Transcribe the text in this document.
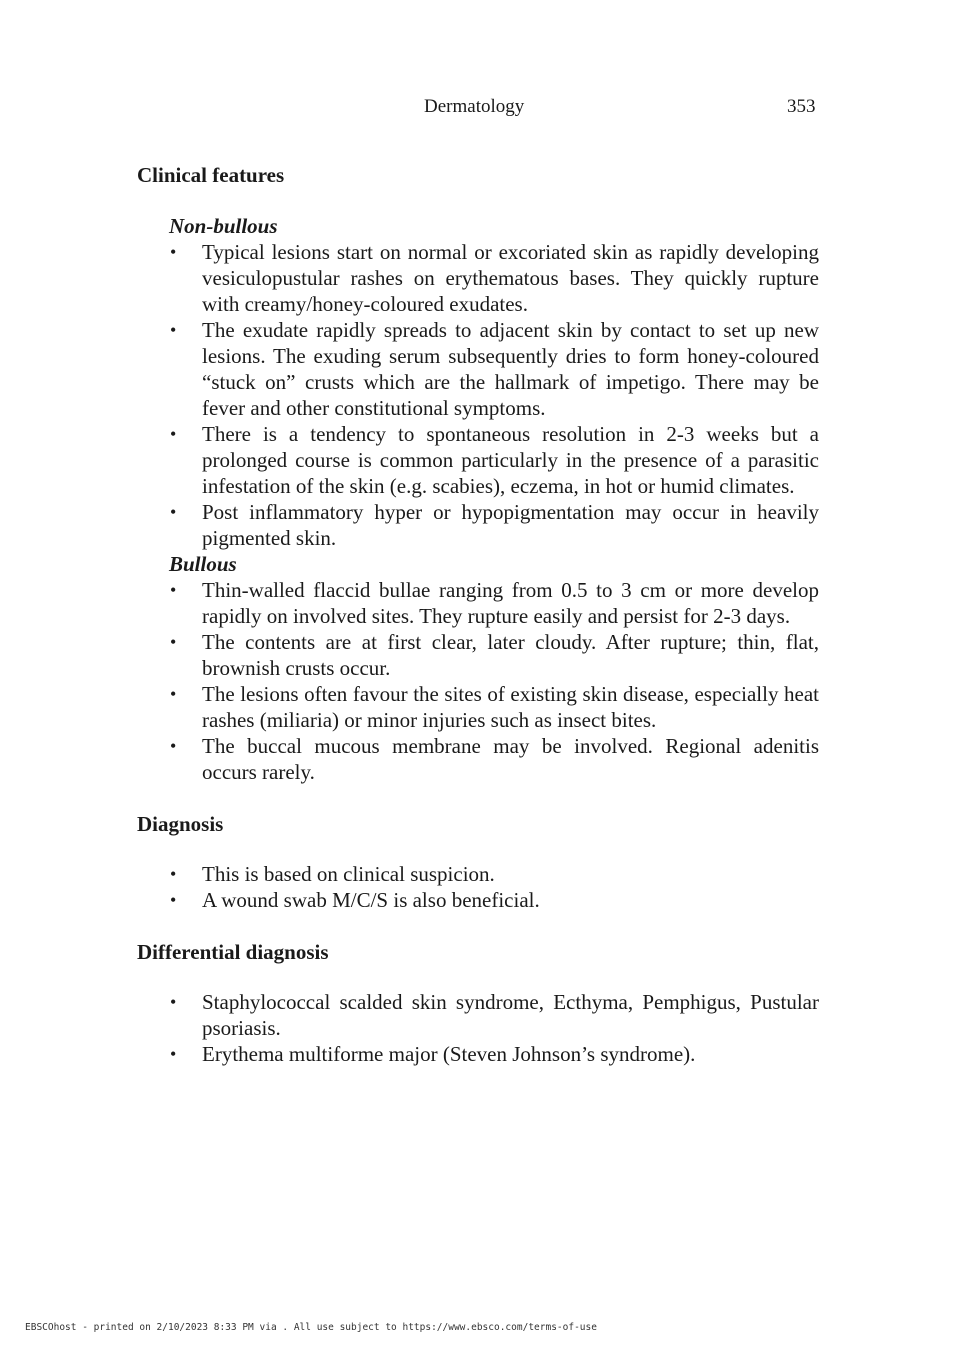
Dermatology	353
Clinical features
Non-bullous
• Typical lesions start on normal or excoriated skin as rapidly developing vesiculopustular rashes on erythematous bases. They quickly rupture with creamy/honey-coloured exudates.
• The exudate rapidly spreads to adjacent skin by contact to set up new lesions. The exuding serum subsequently dries to form honey-coloured “stuck on” crusts which are the hallmark of impetigo. There may be fever and other constitutional symptoms.
• There is a tendency to spontaneous resolution in 2-3 weeks but a prolonged course is common particularly in the presence of a parasitic infestation of the skin (e.g. scabies), eczema, in hot or humid climates.
• Post inflammatory hyper or hypopigmentation may occur in heavily pigmented skin.
Bullous
• Thin-walled flaccid bullae ranging from 0.5 to 3 cm or more develop rapidly on involved sites. They rupture easily and persist for 2-3 days.
• The contents are at first clear, later cloudy. After rupture; thin, flat, brownish crusts occur.
• The lesions often favour the sites of existing skin disease, especially heat rashes (miliaria) or minor injuries such as insect bites.
• The buccal mucous membrane may be involved. Regional adenitis occurs rarely.
Diagnosis
• This is based on clinical suspicion.
• A wound swab M/C/S is also beneficial.
Differential diagnosis
• Staphylococcal scalded skin syndrome, Ecthyma, Pemphigus, Pustular psoriasis.
• Erythema multiforme major (Steven Johnson’s syndrome).
EBSCOhost - printed on 2/10/2023 8:33 PM via . All use subject to https://www.ebsco.com/terms-of-use
